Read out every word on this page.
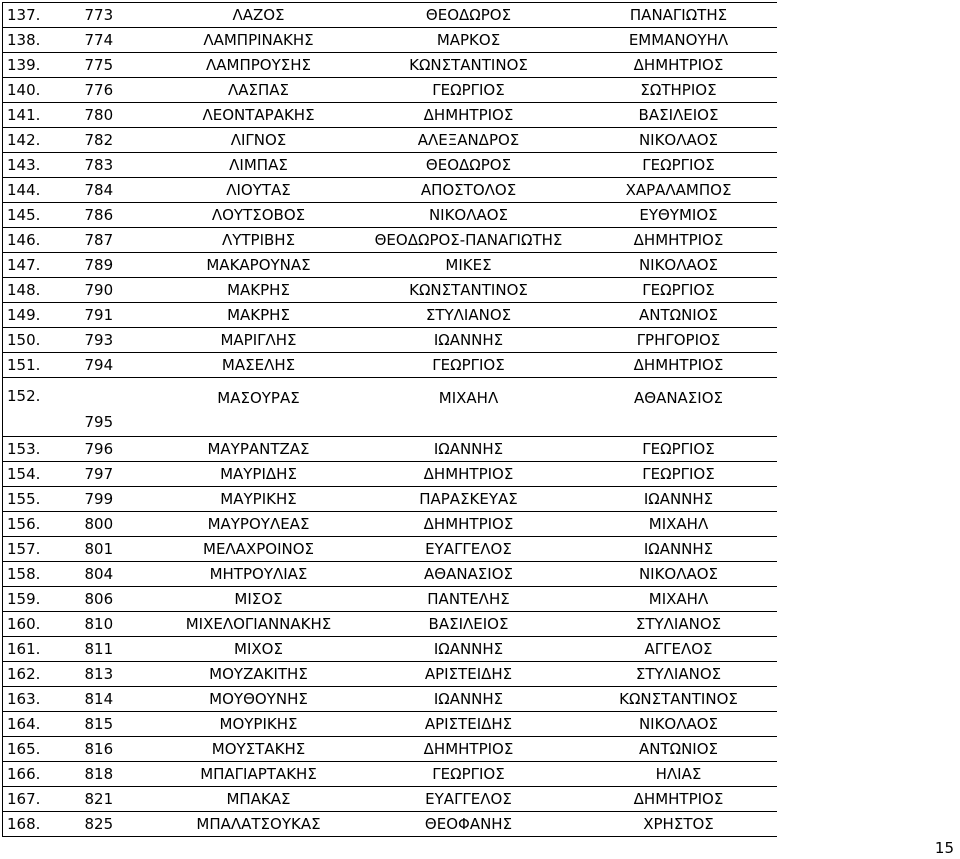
137.	773	ΛΑΖΟΣ	ΘΕΟΔΩΡΟΣ	ΠΑΝΑΓΙΩΤΗΣ
138.	774	ΛΑΜΠΡΙΝΑΚΗΣ	ΜΑΡΚΟΣ	ΕΜΜΑΝΟΥΗΛ
139.	775	ΛΑΜΠΡΟΥΣΗΣ	ΚΩΝΣΤΑΝΤΙΝΟΣ	ΔΗΜΗΤΡΙΟΣ
140.	776	ΛΑΣΠΑΣ	ΓΕΩΡΓΙΟΣ	ΣΩΤΗΡΙΟΣ
141.	780	ΛΕΟΝΤΑΡΑΚΗΣ	ΔΗΜΗΤΡΙΟΣ	ΒΑΣΙΛΕΙΟΣ
142.	782	ΛΙΓΝΟΣ	ΑΛΕΞΑΝΔΡΟΣ	ΝΙΚΟΛΑΟΣ
143.	783	ΛΙΜΠΑΣ	ΘΕΟΔΩΡΟΣ	ΓΕΩΡΓΙΟΣ
144.	784	ΛΙΟΥΤΑΣ	ΑΠΟΣΤΟΛΟΣ	ΧΑΡΑΛΑΜΠΟΣ
145.	786	ΛΟΥΤΣΟΒΟΣ	ΝΙΚΟΛΑΟΣ	ΕΥΘΥΜΙΟΣ
146.	787	ΛΥΤΡΙΒΗΣ	ΘΕΟΔΩΡΟΣ-ΠΑΝΑΓΙΩΤΗΣ	ΔΗΜΗΤΡΙΟΣ
147.	789	ΜΑΚΑΡΟΥΝΑΣ	ΜΙΚΕΣ	ΝΙΚΟΛΑΟΣ
148.	790	ΜΑΚΡΗΣ	ΚΩΝΣΤΑΝΤΙΝΟΣ	ΓΕΩΡΓΙΟΣ
149.	791	ΜΑΚΡΗΣ	ΣΤΥΛΙΑΝΟΣ	ΑΝΤΩΝΙΟΣ
150.	793	ΜΑΡΙΓΛΗΣ	ΙΩΑΝΝΗΣ	ΓΡΗΓΟΡΙΟΣ
151.	794	ΜΑΣΕΛΗΣ	ΓΕΩΡΓΙΟΣ	ΔΗΜΗΤΡΙΟΣ
152.	795	ΜΑΣΟΥΡΑΣ	ΜΙΧΑΗΛ	ΑΘΑΝΑΣΙΟΣ
153.	796	ΜΑΥΡΑΝΤΖΑΣ	ΙΩΑΝΝΗΣ	ΓΕΩΡΓΙΟΣ
154.	797	ΜΑΥΡΙΔΗΣ	ΔΗΜΗΤΡΙΟΣ	ΓΕΩΡΓΙΟΣ
155.	799	ΜΑΥΡΙΚΗΣ	ΠΑΡΑΣΚΕΥΑΣ	ΙΩΑΝΝΗΣ
156.	800	ΜΑΥΡΟΥΛΕΑΣ	ΔΗΜΗΤΡΙΟΣ	ΜΙΧΑΗΛ
157.	801	ΜΕΛΑΧΡΟΙΝΟΣ	ΕΥΑΓΓΕΛΟΣ	ΙΩΑΝΝΗΣ
158.	804	ΜΗΤΡΟΥΛΙΑΣ	ΑΘΑΝΑΣΙΟΣ	ΝΙΚΟΛΑΟΣ
159.	806	ΜΙΣΟΣ	ΠΑΝΤΕΛΗΣ	ΜΙΧΑΗΛ
160.	810	ΜΙΧΕΛΟΓΙΑΝΝΑΚΗΣ	ΒΑΣΙΛΕΙΟΣ	ΣΤΥΛΙΑΝΟΣ
161.	811	ΜΙΧΟΣ	ΙΩΑΝΝΗΣ	ΑΓΓΕΛΟΣ
162.	813	ΜΟΥΖΑΚΙΤΗΣ	ΑΡΙΣΤΕΙΔΗΣ	ΣΤΥΛΙΑΝΟΣ
163.	814	ΜΟΥΘΟΥΝΗΣ	ΙΩΑΝΝΗΣ	ΚΩΝΣΤΑΝΤΙΝΟΣ
164.	815	ΜΟΥΡΙΚΗΣ	ΑΡΙΣΤΕΙΔΗΣ	ΝΙΚΟΛΑΟΣ
165.	816	ΜΟΥΣΤΑΚΗΣ	ΔΗΜΗΤΡΙΟΣ	ΑΝΤΩΝΙΟΣ
166.	818	ΜΠΑΓΙΑΡΤΑΚΗΣ	ΓΕΩΡΓΙΟΣ	ΗΛΙΑΣ
167.	821	ΜΠΑΚΑΣ	ΕΥΑΓΓΕΛΟΣ	ΔΗΜΗΤΡΙΟΣ
168.	825	ΜΠΑΛΑΤΣΟΥΚΑΣ	ΘΕΟΦΑΝΗΣ	ΧΡΗΣΤΟΣ
15
